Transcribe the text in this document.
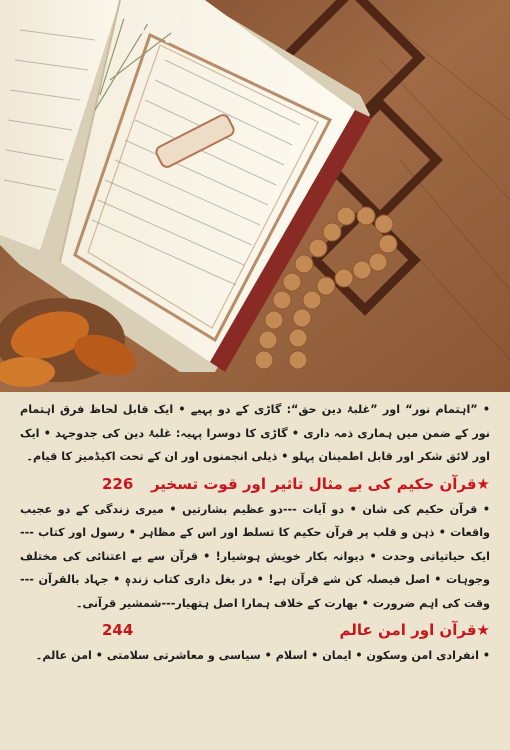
• ”اہتمام نور“ اور ”غلبۂ دین حق“: گاڑی کے دو پہیے • ایک قابل لحاظ فرق اہتمام نور کے ضمن میں ہماری ذمہ داری • گاڑی کا دوسرا پہیہ: غلبۂ دین کی جدوجہد • ایک اور لائق شکر اور قابل اطمینان پہلو • ذیلی انجمنوں اور ان کے تحت اکیڈمیز کا قیام۔

★قرآن حکیم کی بے مثال تاثیر اور قوت تسخیر
226

• قرآن حکیم کی شان • دو آیات ---دو عظیم بشارتیں • میری زندگی کے دو عجیب واقعات • ذہن و قلب پر قرآن حکیم کا تسلط اور اس کے مظاہر • رسول اور کتاب ---ایک حیاتیاتی وحدت • دیوانہ بکار خویش ہوشیار! • قرآن سے بے اعتنائی کی مختلف وجوہات • اصل فیصلہ کن شے قرآن ہے! • در بغل داری کتاب زندہٖ • جہاد بالقرآن ---وقت کی اہم ضرورت • بھارت کے خلاف ہمارا اصل ہتھیار---شمشیر قرآنی۔

★قرآن اور امن عالم
244

• انفرادی امن وسکون • ایمان • اسلام • سیاسی و معاشرتی سلامتی • امن عالم۔
